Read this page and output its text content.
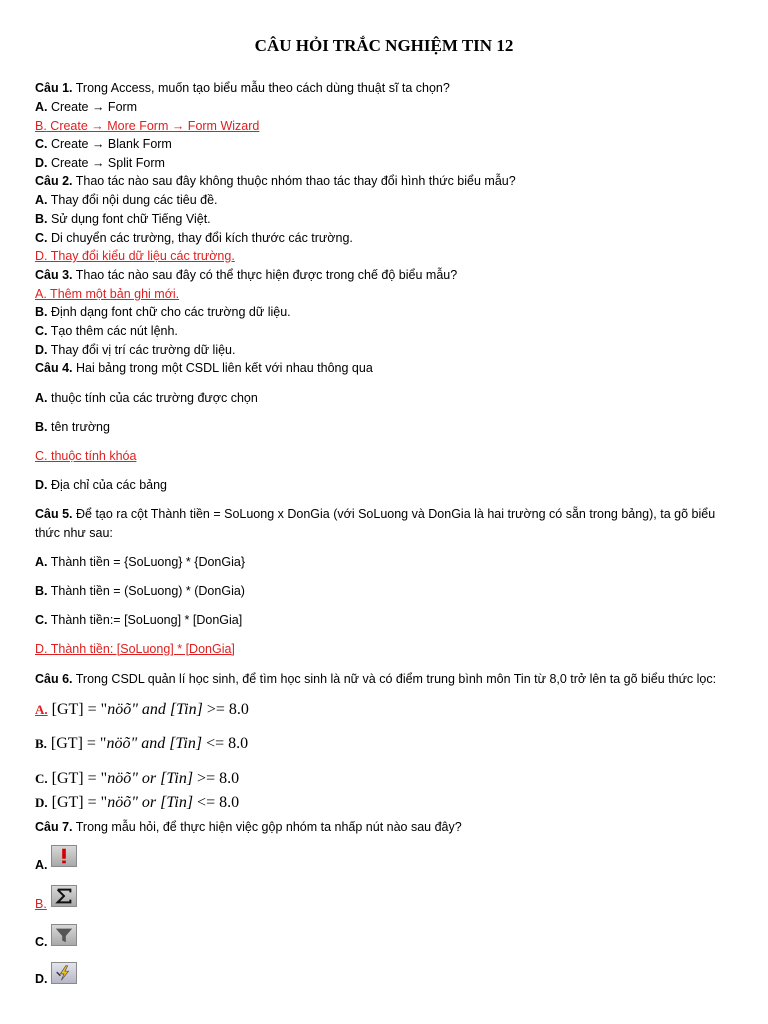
CÂU HỎI TRẮC NGHIỆM TIN 12
Câu 1. Trong Access, muốn tạo biểu mẫu theo cách dùng thuật sĩ ta chọn?
A. Create → Form
B. Create → More Form → Form Wizard
C. Create → Blank Form
D. Create → Split Form
Câu 2. Thao tác nào sau đây không thuộc nhóm thao tác thay đổi hình thức biểu mẫu?
A. Thay đổi nội dung các tiêu đề.
B. Sử dụng font chữ Tiếng Việt.
C. Di chuyển các trường, thay đổi kích thước các trường.
D. Thay đổi kiểu dữ liệu các trường.
Câu 3. Thao tác nào sau đây có thể thực hiện được trong chế độ biểu mẫu?
A. Thêm một bản ghi mới.
B. Định dạng font chữ cho các trường dữ liệu.
C. Tạo thêm các nút lệnh.
D. Thay đổi vị trí các trường dữ liệu.
Câu 4. Hai bảng trong một CSDL liên kết với nhau thông qua
A. thuộc tính của các trường được chọn
B. tên trường
C. thuộc tính khóa
D. Địa chỉ của các bảng
Câu 5. Để tạo ra cột Thành tiền = SoLuong x DonGia (với SoLuong và DonGia là hai trường có sẵn trong bảng), ta gõ biểu
thức như sau:
A. Thành tiền = {SoLuong} * {DonGia}
B. Thành tiền = (SoLuong) * (DonGia)
C. Thành tiền:= [SoLuong] * [DonGia]
D. Thành tiền: [SoLuong] * [DonGia]
Câu 6. Trong CSDL quản lí học sinh, để tìm học sinh là nữ và có điểm trung bình môn Tin từ 8,0 trở lên ta gõ biểu thức lọc:
A. [GT] = "nöõ" and [Tin] >= 8.0
B. [GT] = "nöõ" and [Tin] <= 8.0
C. [GT] = "nöõ" or [Tin] >= 8.0
D. [GT] = "nöõ" or [Tin] <= 8.0
Câu 7. Trong mẫu hỏi, để thực hiện việc gộp nhóm ta nhấp nút nào sau đây?
A.
B.
C.
D.
